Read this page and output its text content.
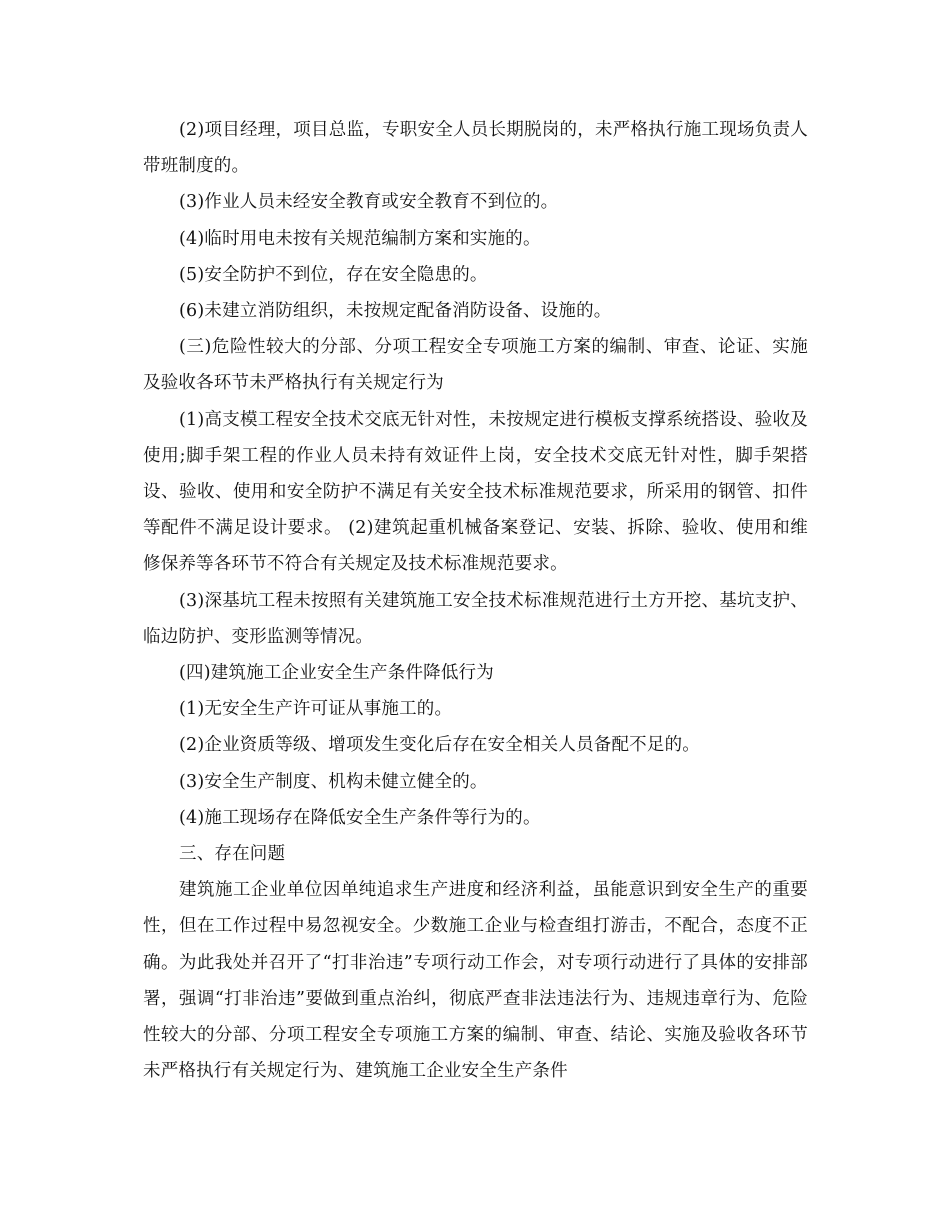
(2)项目经理，项目总监，专职安全人员长期脱岗的，未严格执行施工现场负责人带班制度的。

(3)作业人员未经安全教育或安全教育不到位的。

(4)临时用电未按有关规范编制方案和实施的。

(5)安全防护不到位，存在安全隐患的。

(6)未建立消防组织，未按规定配备消防设备、设施的。

(三)危险性较大的分部、分项工程安全专项施工方案的编制、审查、论证、实施及验收各环节未严格执行有关规定行为

(1)高支模工程安全技术交底无针对性，未按规定进行模板支撑系统搭设、验收及使用;脚手架工程的作业人员未持有效证件上岗，安全技术交底无针对性，脚手架搭设、验收、使用和安全防护不满足有关安全技术标准规范要求，所采用的钢管、扣件等配件不满足设计要求。 (2)建筑起重机械备案登记、安装、拆除、验收、使用和维修保养等各环节不符合有关规定及技术标准规范要求。

(3)深基坑工程未按照有关建筑施工安全技术标准规范进行土方开挖、基坑支护、临边防护、变形监测等情况。

(四)建筑施工企业安全生产条件降低行为

(1)无安全生产许可证从事施工的。

(2)企业资质等级、增项发生变化后存在安全相关人员备配不足的。

(3)安全生产制度、机构未健立健全的。

(4)施工现场存在降低安全生产条件等行为的。

三、存在问题

建筑施工企业单位因单纯追求生产进度和经济利益，虽能意识到安全生产的重要性，但在工作过程中易忽视安全。少数施工企业与检查组打游击，不配合，态度不正确。为此我处并召开了“打非治违”专项行动工作会，对专项行动进行了具体的安排部署，强调“打非治违”要做到重点治纠，彻底严查非法违法行为、违规违章行为、危险性较大的分部、分项工程安全专项施工方案的编制、审查、结论、实施及验收各环节未严格执行有关规定行为、建筑施工企业安全生产条件
